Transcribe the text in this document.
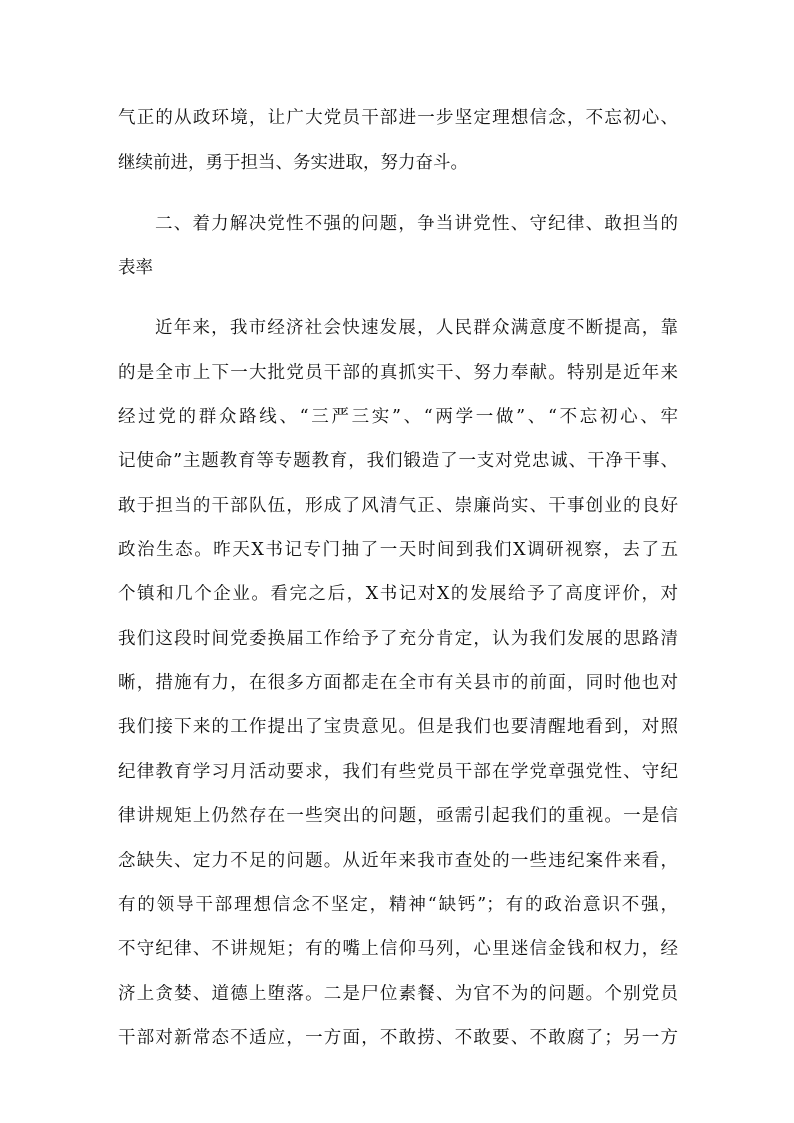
气正的从政环境，让广大党员干部进一步坚定理想信念，不忘初心、
继续前进，勇于担当、务实进取，努力奋斗。
二、着力解决党性不强的问题，争当讲党性、守纪律、敢担当的
表率
近年来，我市经济社会快速发展，人民群众满意度不断提高，靠
的是全市上下一大批党员干部的真抓实干、努力奉献。特别是近年来
经过党的群众路线、“三严三实”、“两学一做”、“不忘初心、牢
记使命”主题教育等专题教育，我们锻造了一支对党忠诚、干净干事、
敢于担当的干部队伍，形成了风清气正、崇廉尚实、干事创业的良好
政治生态。昨天X书记专门抽了一天时间到我们X调研视察，去了五
个镇和几个企业。看完之后，X书记对X的发展给予了高度评价，对
我们这段时间党委换届工作给予了充分肯定，认为我们发展的思路清
晰，措施有力，在很多方面都走在全市有关县市的前面，同时他也对
我们接下来的工作提出了宝贵意见。但是我们也要清醒地看到，对照
纪律教育学习月活动要求，我们有些党员干部在学党章强党性、守纪
律讲规矩上仍然存在一些突出的问题，亟需引起我们的重视。一是信
念缺失、定力不足的问题。从近年来我市查处的一些违纪案件来看，
有的领导干部理想信念不坚定，精神“缺钙”；有的政治意识不强，
不守纪律、不讲规矩；有的嘴上信仰马列，心里迷信金钱和权力，经
济上贪婪、道德上堕落。二是尸位素餐、为官不为的问题。个别党员
干部对新常态不适应，一方面，不敢捞、不敢要、不敢腐了；另一方
